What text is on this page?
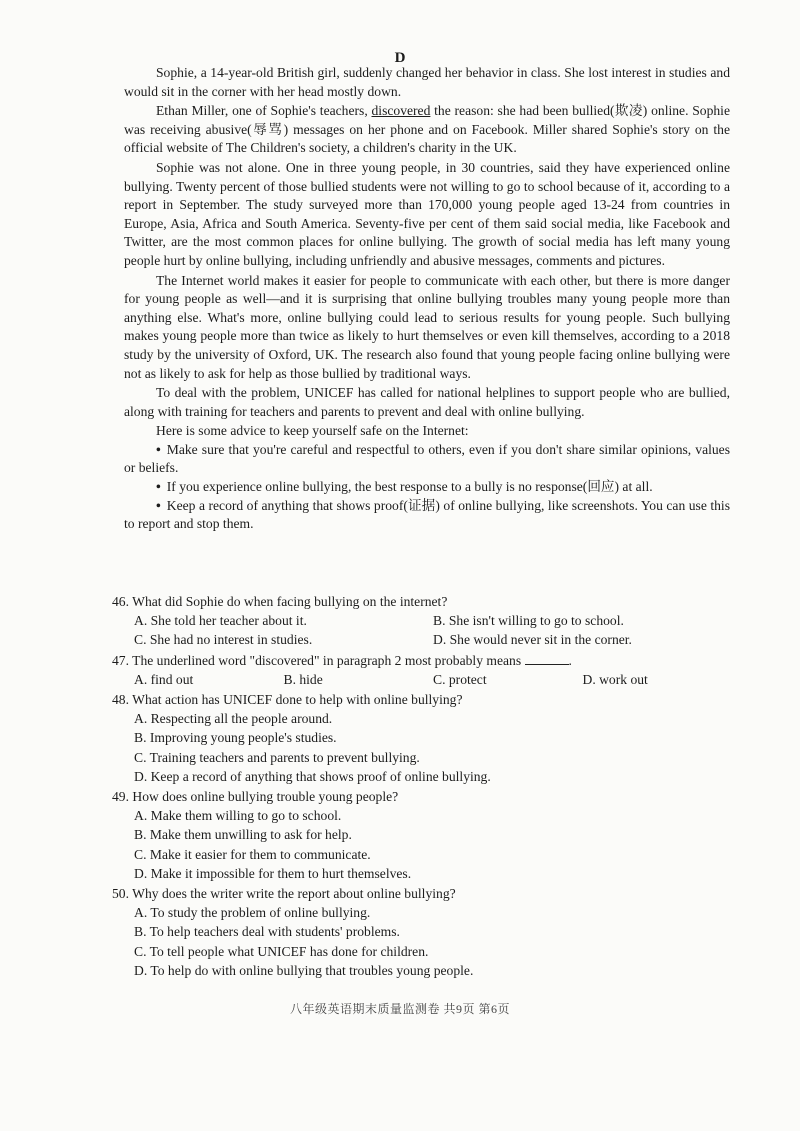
D

Sophie, a 14-year-old British girl, suddenly changed her behavior in class. She lost interest in studies and would sit in the corner with her head mostly down.

Ethan Miller, one of Sophie's teachers, discovered the reason: she had been bullied(欺凌) online. Sophie was receiving abusive(辱骂) messages on her phone and on Facebook. Miller shared Sophie's story on the official website of The Children's society, a children's charity in the UK.

Sophie was not alone. One in three young people, in 30 countries, said they have experienced online bullying. Twenty percent of those bullied students were not willing to go to school because of it, according to a report in September. The study surveyed more than 170,000 young people aged 13-24 from countries in Europe, Asia, Africa and South America. Seventy-five per cent of them said social media, like Facebook and Twitter, are the most common places for online bullying. The growth of social media has left many young people hurt by online bullying, including unfriendly and abusive messages, comments and pictures.

The Internet world makes it easier for people to communicate with each other, but there is more danger for young people as well—and it is surprising that online bullying troubles many young people more than anything else. What's more, online bullying could lead to serious results for young people. Such bullying makes young people more than twice as likely to hurt themselves or even kill themselves, according to a 2018 study by the university of Oxford, UK. The research also found that young people facing online bullying were not as likely to ask for help as those bullied by traditional ways.

To deal with the problem, UNICEF has called for national helplines to support people who are bullied, along with training for teachers and parents to prevent and deal with online bullying.

Here is some advice to keep yourself safe on the Internet:

• Make sure that you're careful and respectful to others, even if you don't share similar opinions, values or beliefs.
• If you experience online bullying, the best response to a bully is no response(回应) at all.
• Keep a record of anything that shows proof(证据) of online bullying, like screenshots. You can use this to report and stop them.
46. What did Sophie do when facing bullying on the internet?
A. She told her teacher about it.	B. She isn't willing to go to school.
C. She had no interest in studies.	D. She would never sit in the corner.
47. The underlined word "discovered" in paragraph 2 most probably means	.
A. find out	B. hide	C. protect	D. work out
48. What action has UNICEF done to help with online bullying?
A. Respecting all the people around.
B. Improving young people's studies.
C. Training teachers and parents to prevent bullying.
D. Keep a record of anything that shows proof of online bullying.
49. How does online bullying trouble young people?
A. Make them willing to go to school.
B. Make them unwilling to ask for help.
C. Make it easier for them to communicate.
D. Make it impossible for them to hurt themselves.
50. Why does the writer write the report about online bullying?
A. To study the problem of online bullying.
B. To help teachers deal with students' problems.
C. To tell people what UNICEF has done for children.
D. To help do with online bullying that troubles young people.
八年级英语期末质量监测卷 共9页 第6页
